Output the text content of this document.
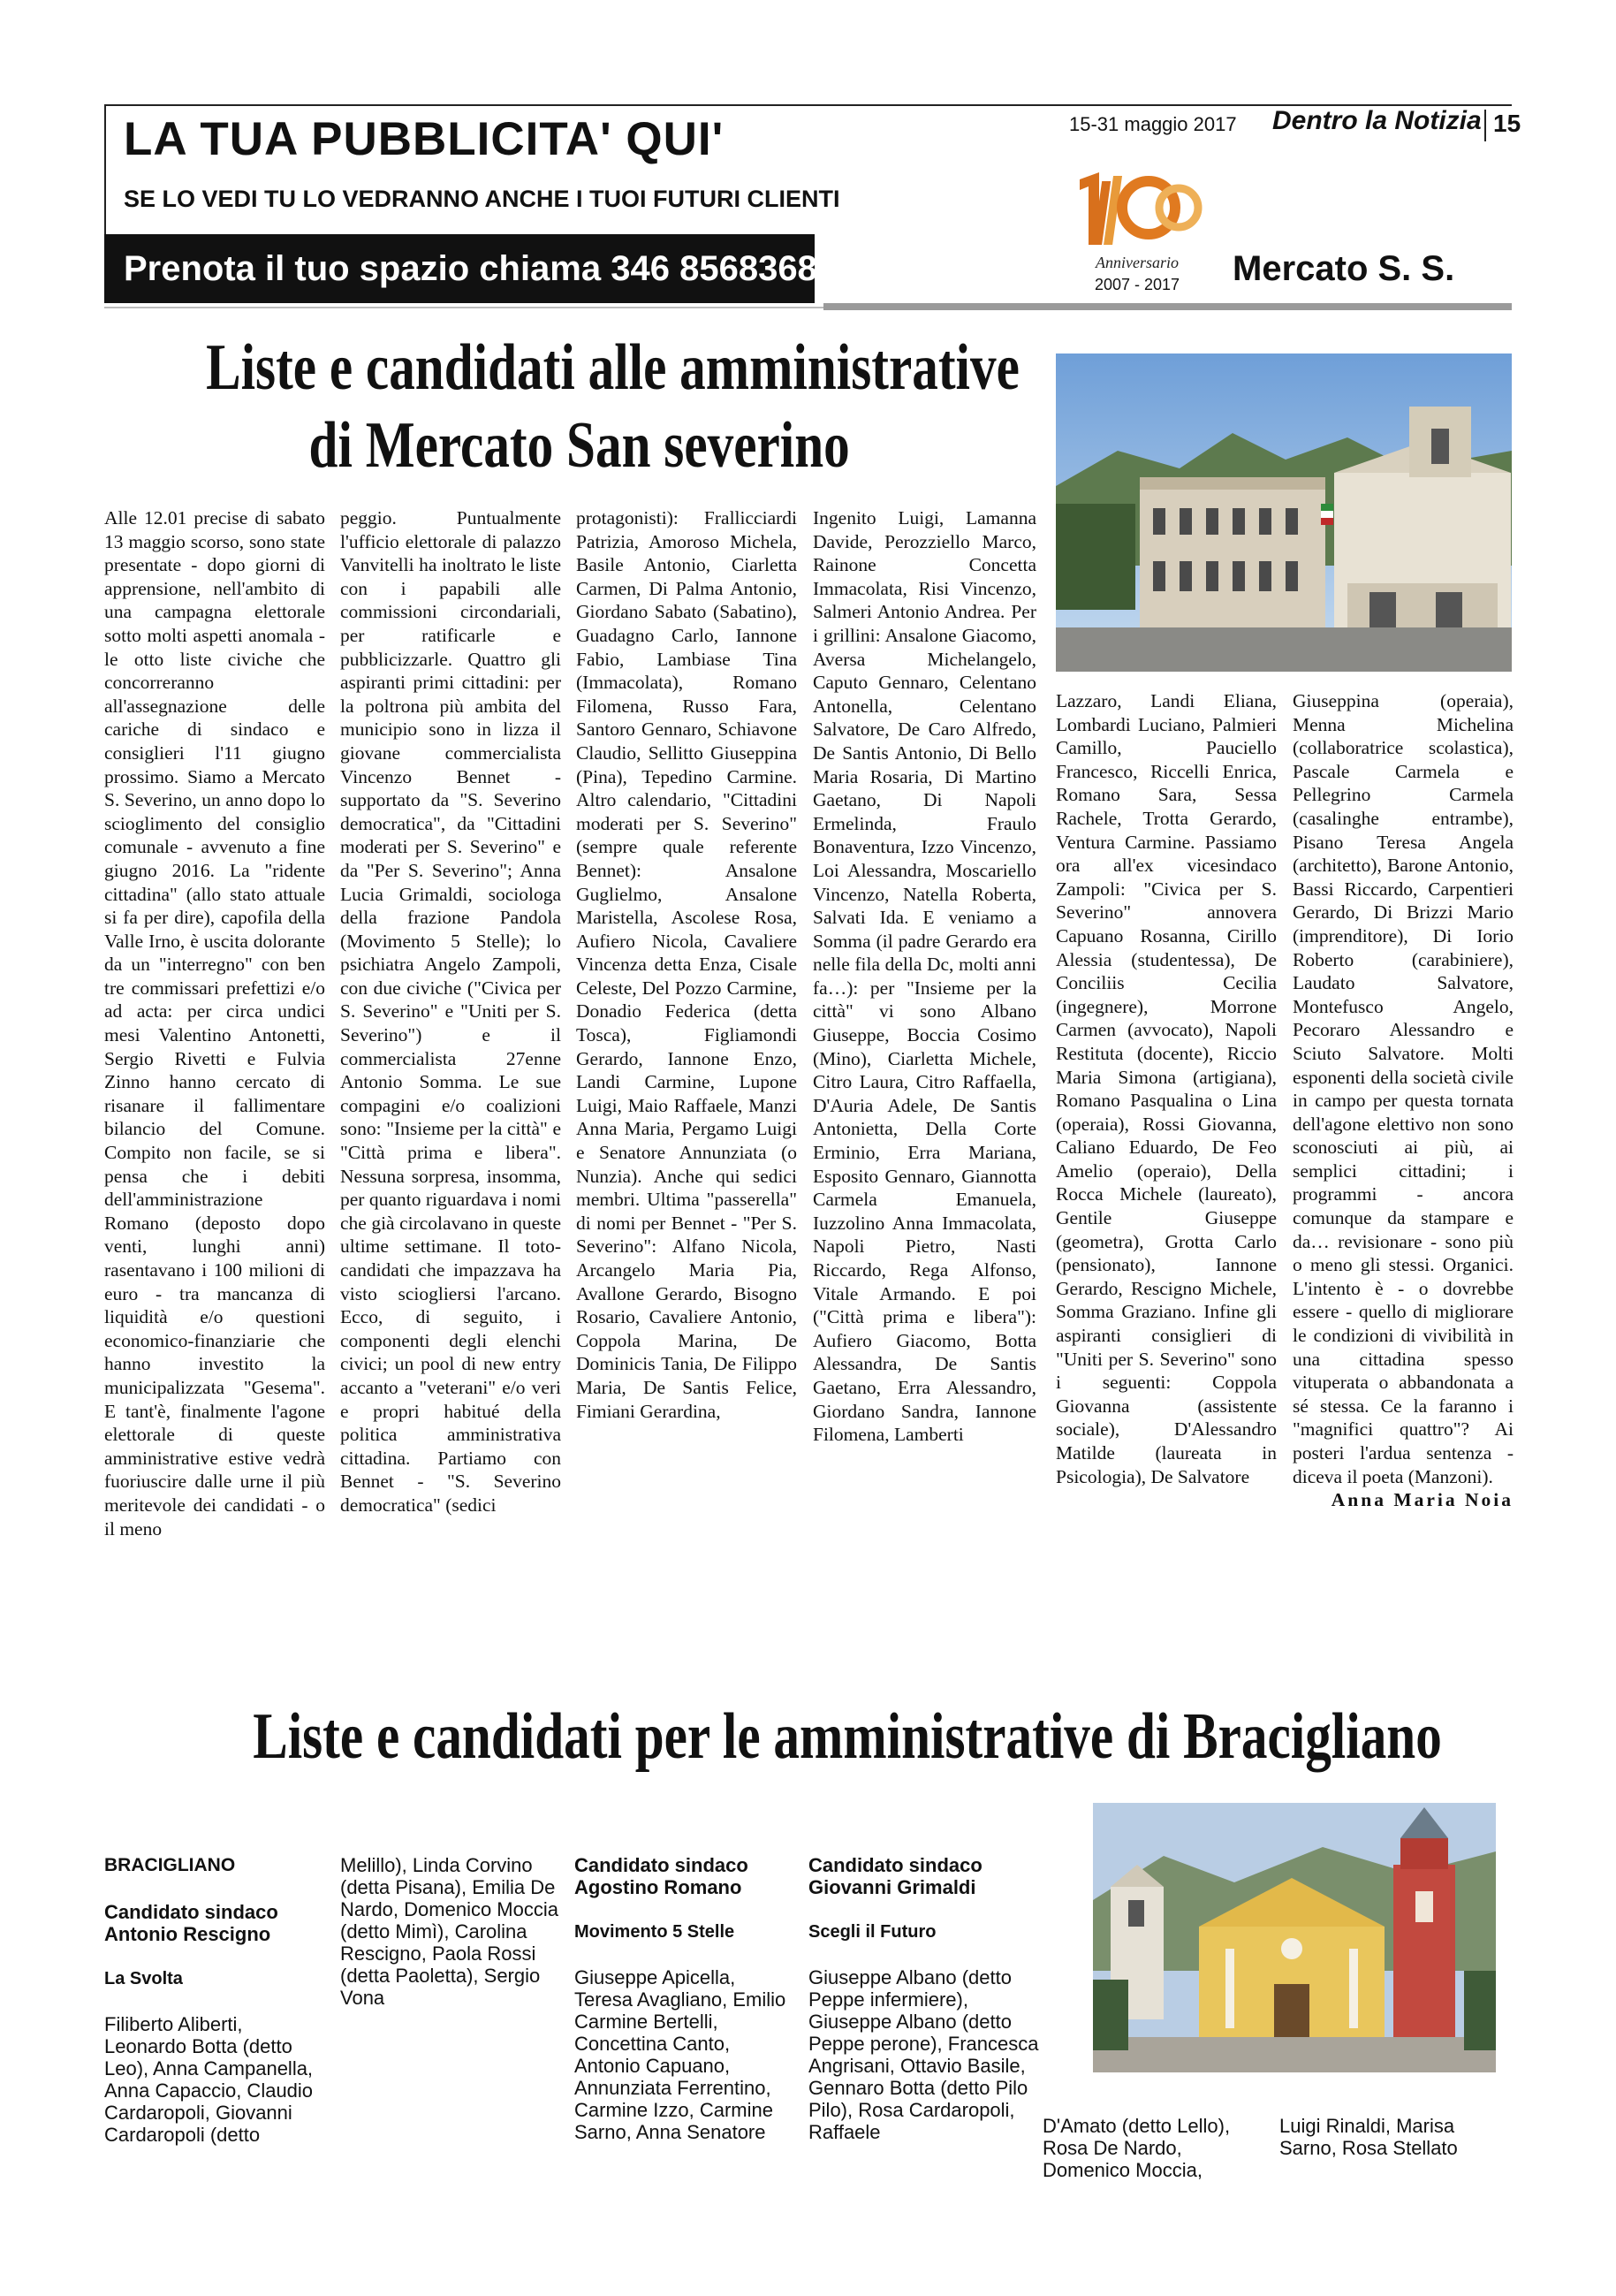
LA TUA PUBBLICITA' QUI'
SE LO VEDI TU LO VEDRANNO ANCHE I TUOI FUTURI CLIENTI
Prenota il tuo spazio chiama 346 8568368
15-31 maggio 2017 Dentro la Notizia 15
Anniversario
2007 - 2017 Mercato S. S.
Liste e candidati alle amministrative
di Mercato San severino
Alle 12.01 precise di sabato 13 maggio scorso, sono state presentate - dopo giorni di apprensione, nell'ambito di una campagna elettorale sotto molti aspetti anomala - le otto liste civiche che concorreranno all'assegnazione delle cariche di sindaco e consiglieri l'11 giugno prossimo. Siamo a Mercato S. Severino, un anno dopo lo scioglimento del consiglio comunale - avvenuto a fine giugno 2016. La "ridente cittadina" (allo stato attuale si fa per dire), capofila della Valle Irno, è uscita dolorante da un "interregno" con ben tre commissari prefettizi e/o ad acta: per circa undici mesi Valentino Antonetti, Sergio Rivetti e Fulvia Zinno hanno cercato di risanare il fallimentare bilancio del Comune. Compito non facile, se si pensa che i debiti dell'amministrazione Romano (deposto dopo venti, lunghi anni) rasentavano i 100 milioni di euro - tra mancanza di liquidità e/o questioni economico-finanziarie che hanno investito la municipalizzata "Gesema". E tant'è, finalmente l'agone elettorale di queste amministrative estive vedrà fuoriuscire dalle urne il più meritevole dei candidati - o il meno
peggio. Puntualmente l'ufficio elettorale di palazzo Vanvitelli ha inoltrato le liste con i papabili alle commissioni circondariali, per ratificarle e pubblicizzarle. Quattro gli aspiranti primi cittadini: per la poltrona più ambita del municipio sono in lizza il giovane commercialista Vincenzo Bennet - supportato da "S. Severino democratica", da "Cittadini moderati per S. Severino" e da "Per S. Severino"; Anna Lucia Grimaldi, sociologa della frazione Pandola (Movimento 5 Stelle); lo psichiatra Angelo Zampoli, con due civiche ("Civica per S. Severino" e "Uniti per S. Severino") e il commercialista 27enne Antonio Somma. Le sue compagini e/o coalizioni sono: "Insieme per la città" e "Città prima e libera". Nessuna sorpresa, insomma, per quanto riguardava i nomi che già circolavano in queste ultime settimane. Il toto-candidati che impazzava ha visto sciogliersi l'arcano. Ecco, di seguito, i componenti degli elenchi civici; un pool di new entry accanto a "veterani" e/o veri e propri habitué della politica amministrativa cittadina. Partiamo con Bennet - "S. Severino democratica" (sedici
protagonisti): Frallicciardi Patrizia, Amoroso Michela, Basile Antonio, Ciarletta Carmen, Di Palma Antonio, Giordano Sabato (Sabatino), Guadagno Carlo, Iannone Fabio, Lambiase Tina (Immacolata), Romano Filomena, Russo Fara, Santoro Gennaro, Schiavone Claudio, Sellitto Giuseppina (Pina), Tepedino Carmine. Altro calendario, "Cittadini moderati per S. Severino" (sempre quale referente Bennet): Ansalone Guglielmo, Ansalone Maristella, Ascolese Rosa, Aufiero Nicola, Cavaliere Vincenza detta Enza, Cisale Celeste, Del Pozzo Carmine, Donadio Federica (detta Tosca), Figliamondi Gerardo, Iannone Enzo, Landi Carmine, Lupone Luigi, Maio Raffaele, Manzi Anna Maria, Pergamo Luigi e Senatore Annunziata (o Nunzia). Anche qui sedici membri. Ultima "passerella" di nomi per Bennet - "Per S. Severino": Alfano Nicola, Arcangelo Maria Pia, Avallone Gerardo, Bisogno Rosario, Cavaliere Antonio, Coppola Marina, De Dominicis Tania, De Filippo Maria, De Santis Felice, Fimiani Gerardina,
Ingenito Luigi, Lamanna Davide, Perozziello Marco, Rainone Concetta Immacolata, Risi Vincenzo, Salmeri Antonio Andrea. Per i grillini: Ansalone Giacomo, Aversa Michelangelo, Caputo Gennaro, Celentano Antonella, Celentano Salvatore, De Caro Alfredo, De Santis Antonio, Di Bello Maria Rosaria, Di Martino Gaetano, Di Napoli Ermelinda, Fraulo Bonaventura, Izzo Vincenzo, Loi Alessandra, Moscariello Vincenzo, Natella Roberta, Salvati Ida. E veniamo a Somma (il padre Gerardo era nelle fila della Dc, molti anni fa…): per "Insieme per la città" vi sono Albano Giuseppe, Boccia Cosimo (Mino), Ciarletta Michele, Citro Laura, Citro Raffaella, D'Auria Adele, De Santis Antonietta, Della Corte Erminio, Erra Mariana, Esposito Gennaro, Giannotta Carmela Emanuela, Iuzzolino Anna Immacolata, Napoli Pietro, Nasti Riccardo, Rega Alfonso, Vitale Armando. E poi ("Città prima e libera"): Aufiero Giacomo, Botta Alessandra, De Santis Gaetano, Erra Alessandro, Giordano Sandra, Iannone Filomena, Lamberti
Lazzaro, Landi Eliana, Lombardi Luciano, Palmieri Camillo, Pauciello Francesco, Riccelli Enrica, Romano Sara, Sessa Rachele, Trotta Gerardo, Ventura Carmine. Passiamo ora all'ex vicesindaco Zampoli: "Civica per S. Severino" annovera Capuano Rosanna, Cirillo Alessia (studentessa), De Conciliis Cecilia (ingegnere), Morrone Carmen (avvocato), Napoli Restituta (docente), Riccio Maria Simona (artigiana), Romano Pasqualina o Lina (operaia), Rossi Giovanna, Caliano Eduardo, De Feo Amelio (operaio), Della Rocca Michele (laureato), Gentile Giuseppe (geometra), Grotta Carlo (pensionato), Iannone Gerardo, Rescigno Michele, Somma Graziano. Infine gli aspiranti consiglieri di "Uniti per S. Severino" sono i seguenti: Coppola Giovanna (assistente sociale), D'Alessandro Matilde (laureata in Psicologia), De Salvatore
Giuseppina (operaia), Menna Michelina (collaboratrice scolastica), Pascale Carmela e Pellegrino Carmela (casalinghe entrambe), Pisano Teresa Angela (architetto), Barone Antonio, Bassi Riccardo, Carpentieri Gerardo, Di Brizzi Mario (imprenditore), Di Iorio Roberto (carabiniere), Laudato Salvatore, Montefusco Angelo, Pecoraro Alessandro e Sciuto Salvatore. Molti esponenti della società civile in campo per questa tornata dell'agone elettivo non sono sconosciuti ai più, ai semplici cittadini; i programmi - ancora comunque da stampare e da… revisionare - sono più o meno gli stessi. Organici. L'intento è - o dovrebbe essere - quello di migliorare le condizioni di vivibilità in una cittadina spesso vituperata o abbandonata a sé stessa. Ce la faranno i "magnifici quattro"? Ai posteri l'ardua sentenza - diceva il poeta (Manzoni).
Anna Maria Noia
Liste e candidati per le amministrative di Bracigliano
BRACIGLIANO
Candidato sindaco Antonio Rescigno
La Svolta
Filiberto Aliberti, Leonardo Botta (detto Leo), Anna Campanella, Anna Capaccio, Claudio Cardaropoli, Giovanni Cardaropoli (detto
Melillo), Linda Corvino (detta Pisana), Emilia De Nardo, Domenico Moccia (detto Mimì), Carolina Rescigno, Paola Rossi (detta Paoletta), Sergio Vona
Candidato sindaco Agostino Romano
Movimento 5 Stelle
Giuseppe Apicella, Teresa Avagliano, Emilio Carmine Bertelli, Concettina Canto, Antonio Capuano, Annunziata Ferrentino, Carmine Izzo, Carmine Sarno, Anna Senatore
Candidato sindaco Giovanni Grimaldi
Scegli il Futuro
Giuseppe Albano (detto Peppe infermiere), Giuseppe Albano (detto Peppe perone), Francesca Angrisani, Ottavio Basile, Gennaro Botta (detto Pilo Pilo), Rosa Cardaropoli, Raffaele	D'Amato (detto Lello), Rosa De Nardo, Domenico Moccia,
Luigi Rinaldi, Marisa Sarno, Rosa Stellato
